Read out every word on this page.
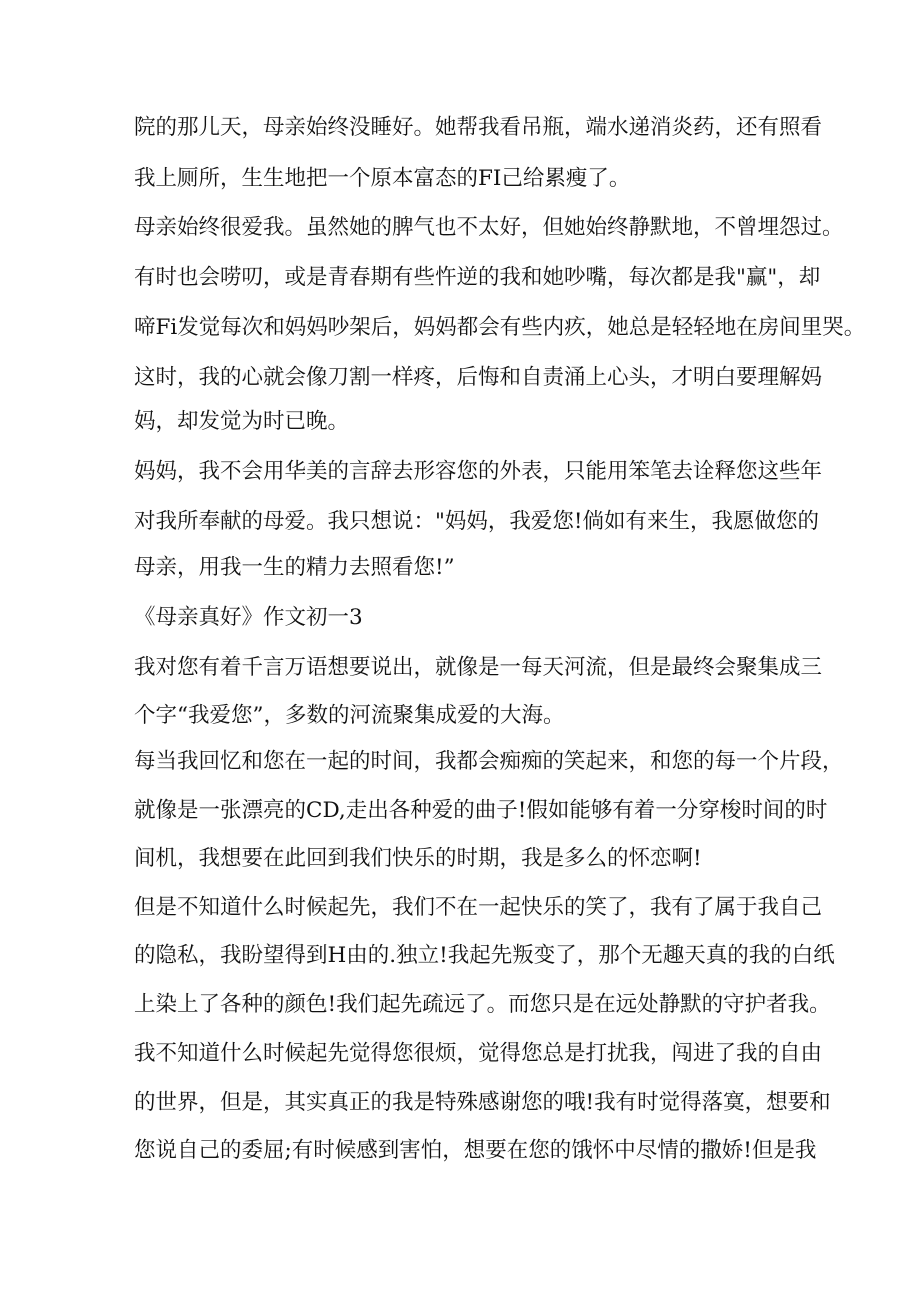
院的那儿天，母亲始终没睡好。她帮我看吊瓶，端水递消炎药，还有照看
我上厕所，生生地把一个原本富态的FI己给累瘦了。
母亲始终很爱我。虽然她的脾气也不太好，但她始终静默地，不曾埋怨过。
有时也会唠叨，或是青春期有些忤逆的我和她吵嘴，每次都是我"赢"，却
啼Fi发觉每次和妈妈吵架后，妈妈都会有些内疚，她总是轻轻地在房间里哭。
这时，我的心就会像刀割一样疼，后悔和自责涌上心头，才明白要理解妈
妈，却发觉为时已晚。
妈妈，我不会用华美的言辞去形容您的外表，只能用笨笔去诠释您这些年
对我所奉献的母爱。我只想说："妈妈，我爱您!倘如有来生，我愿做您的
母亲，用我一生的精力去照看您!”
《母亲真好》作文初一3
我对您有着千言万语想要说出，就像是一每天河流，但是最终会聚集成三
个字“我爱您”，多数的河流聚集成爱的大海。
每当我回忆和您在一起的时间，我都会痴痴的笑起来，和您的每一个片段，
就像是一张漂亮的CD,走出各种爱的曲子!假如能够有着一分穿梭时间的时
间机，我想要在此回到我们快乐的时期，我是多么的怀恋啊!
但是不知道什么时候起先，我们不在一起快乐的笑了，我有了属于我自己
的隐私，我盼望得到H由的.独立!我起先叛变了，那个无趣天真的我的白纸
上染上了各种的颜色!我们起先疏远了。而您只是在远处静默的守护者我。
我不知道什么时候起先觉得您很烦，觉得您总是打扰我，闯进了我的自由
的世界，但是，其实真正的我是特殊感谢您的哦!我有时觉得落寞，想要和
您说自己的委屈;有时候感到害怕，想要在您的饿怀中尽情的撒娇!但是我
